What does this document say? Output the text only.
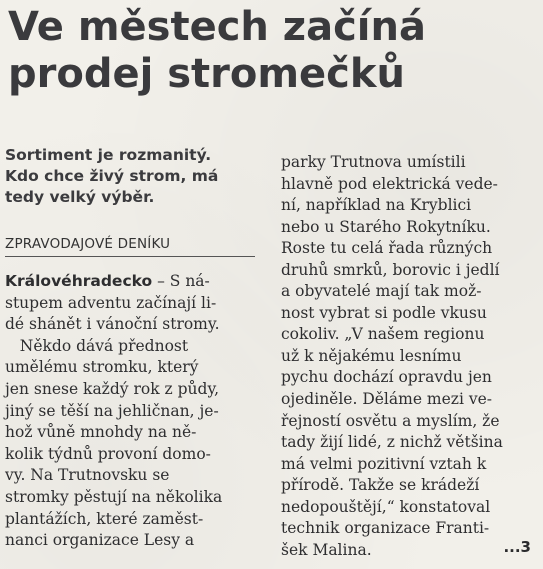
Ve městech začíná
prodej stromečků
Sortiment je rozmanitý.
Kdo chce živý strom, má
tedy velký výběr.
ZPRAVODAJOVÉ DENÍKU
Královéhradecko – S ná-
stupem adventu začínají li-
dé shánět i vánoční stromy.
Někdo dává přednost
umělému stromku, který
jen snese každý rok z půdy,
jiný se těší na jehličnan, je-
hož vůně mnohdy na ně-
kolik týdnů provoní domo-
vy. Na Trutnovsku se
stromky pěstují na několika
plantážích, které zaměst-
nanci organizace Lesy a
parky Trutnova umístili
hlavně pod elektrická vede-
ní, například na Kryblici
nebo u Starého Rokytníku.
Roste tu celá řada různých
druhů smrků, borovic i jedlí
a obyvatelé mají tak mož-
nost vybrat si podle vkusu
cokoliv. „V našem regionu
už k nějakému lesnímu
pychu dochází opravdu jen
ojediněle. Děláme mezi ve-
řejností osvětu a myslím, že
tady žijí lidé, z nichž většina
má velmi pozitivní vztah k
přírodě. Takže se krádeží
nedopouštějí,“ konstatoval
technik organizace Franti-
šek Malina.	...3
